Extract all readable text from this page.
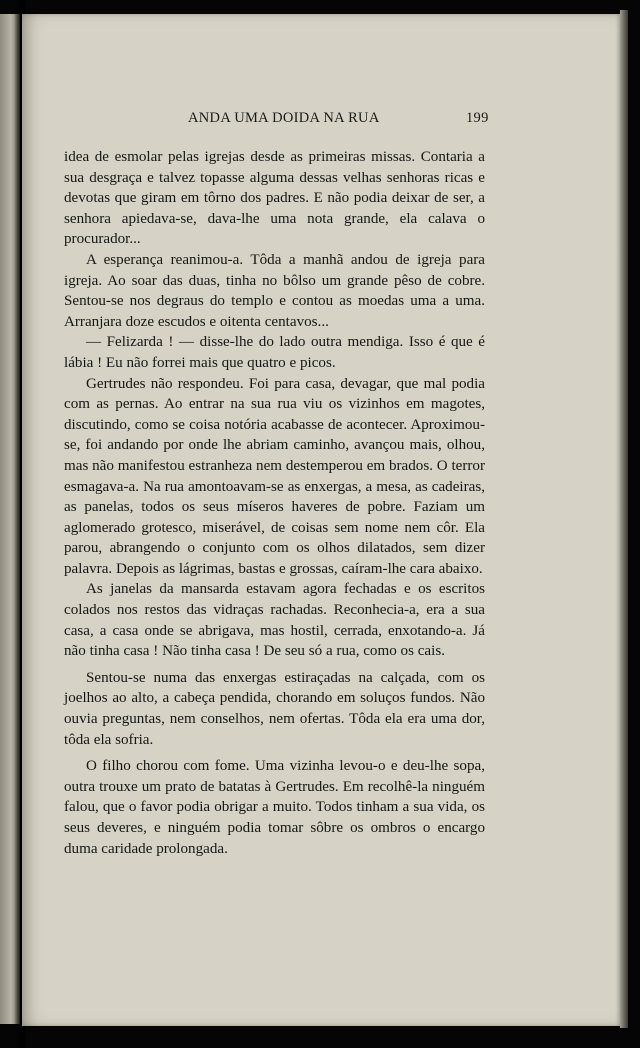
ANDA UMA DOIDA NA RUA	199

idea de esmolar pelas igrejas desde as primeiras missas. Contaria a sua desgraça e talvez topasse alguma dessas velhas senhoras ricas e devotas que giram em tôrno dos padres. E não podia deixar de ser, a senhora apiedava-se, dava-lhe uma nota grande, ela calava o procurador...

A esperança reanimou-a. Tôda a manhã andou de igreja para igreja. Ao soar das duas, tinha no bôlso um grande pêso de cobre. Sentou-se nos degraus do templo e contou as moedas uma a uma. Arranjara doze escudos e oitenta centavos...

— Felizarda ! — disse-lhe do lado outra mendiga. Isso é que é lábia ! Eu não forrei mais que quatro e picos.

Gertrudes não respondeu. Foi para casa, devagar, que mal podia com as pernas. Ao entrar na sua rua viu os vizinhos em magotes, discutindo, como se coisa notória acabasse de acontecer. Aproximou-se, foi andando por onde lhe abriam caminho, avançou mais, olhou, mas não manifestou estranheza nem destemperou em brados. O terror esmagava-a. Na rua amontoavam-se as enxergas, a mesa, as cadeiras, as panelas, todos os seus míseros haveres de pobre. Faziam um aglomerado grotesco, miserável, de coisas sem nome nem côr. Ela parou, abrangendo o conjunto com os olhos dilatados, sem dizer palavra. Depois as lágrimas, bastas e grossas, caíram-lhe cara abaixo.

As janelas da mansarda estavam agora fechadas e os escritos colados nos restos das vidraças rachadas. Reconhecia-a, era a sua casa, a casa onde se abrigava, mas hostil, cerrada, enxotando-a. Já não tinha casa ! Não tinha casa ! De seu só a rua, como os cais.

Sentou-se numa das enxergas estiraçadas na calçada, com os joelhos ao alto, a cabeça pendida, chorando em soluços fundos. Não ouvia preguntas, nem conselhos, nem ofertas. Tôda ela era uma dor, tôda ela sofria.

O filho chorou com fome. Uma vizinha levou-o e deu-lhe sopa, outra trouxe um prato de batatas à Gertrudes. Em recolhê-la ninguém falou, que o favor podia obrigar a muito. Todos tinham a sua vida, os seus deveres, e ninguém podia tomar sôbre os ombros o encargo duma caridade prolongada.
